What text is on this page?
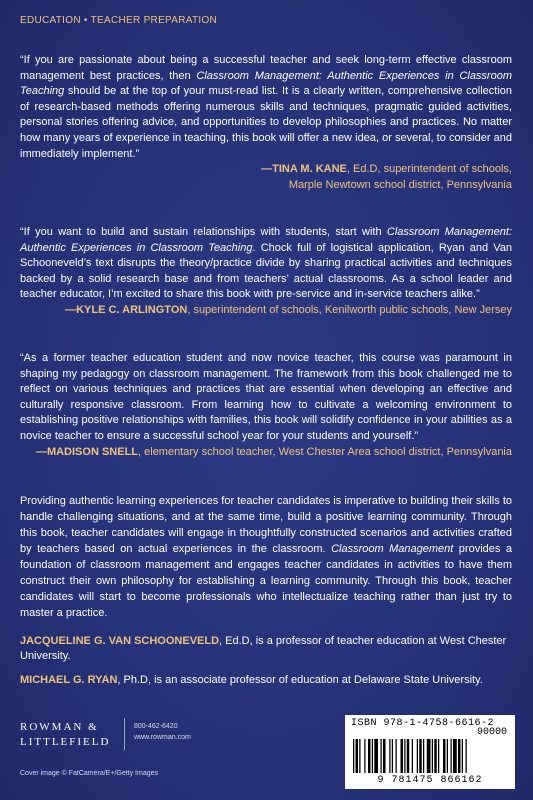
EDUCATION • TEACHER PREPARATION
“If you are passionate about being a successful teacher and seek long-term effective classroom management best practices, then Classroom Management: Authentic Experiences in Classroom Teaching should be at the top of your must-read list. It is a clearly written, comprehensive collection of research-based methods offering numerous skills and techniques, pragmatic guided activities, personal stories offering advice, and opportunities to develop philosophies and practices. No matter how many years of experience in teaching, this book will offer a new idea, or several, to consider and immediately implement.”
—TINA M. KANE, Ed.D, superintendent of schools,
Marple Newtown school district, Pennsylvania
“If you want to build and sustain relationships with students, start with Classroom Management: Authentic Experiences in Classroom Teaching. Chock full of logistical application, Ryan and Van Schooneveld’s text disrupts the theory/practice divide by sharing practical activities and techniques backed by a solid research base and from teachers’ actual classrooms. As a school leader and teacher educator, I’m excited to share this book with pre-service and in-service teachers alike.”
—KYLE C. ARLINGTON, superintendent of schools, Kenilworth public schools, New Jersey
“As a former teacher education student and now novice teacher, this course was paramount in shaping my pedagogy on classroom management. The framework from this book challenged me to reflect on various techniques and practices that are essential when developing an effective and culturally responsive classroom. From learning how to cultivate a welcoming environment to establishing positive relationships with families, this book will solidify confidence in your abilities as a novice teacher to ensure a successful school year for your students and yourself.”
—MADISON SNELL, elementary school teacher, West Chester Area school district, Pennsylvania
Providing authentic learning experiences for teacher candidates is imperative to building their skills to handle challenging situations, and at the same time, build a positive learning community. Through this book, teacher candidates will engage in thoughtfully constructed scenarios and activities crafted by teachers based on actual experiences in the classroom. Classroom Management provides a foundation of classroom management and engages teacher candidates in activities to have them construct their own philosophy for establishing a learning community. Through this book, teacher candidates will start to become professionals who intellectualize teaching rather than just try to master a practice.
JACQUELINE G. VAN SCHOONEVELD, Ed.D, is a professor of teacher education at West Chester University.
MICHAEL G. RYAN, Ph.D, is an associate professor of education at Delaware State University.
ROWMAN &
LITTLEFIELD
800-462-6420
www.rowman.com
Cover image © FatCamera/E+/Getty Images
ISBN 978-1-4758-6616-2
90000
9 781475 866162
